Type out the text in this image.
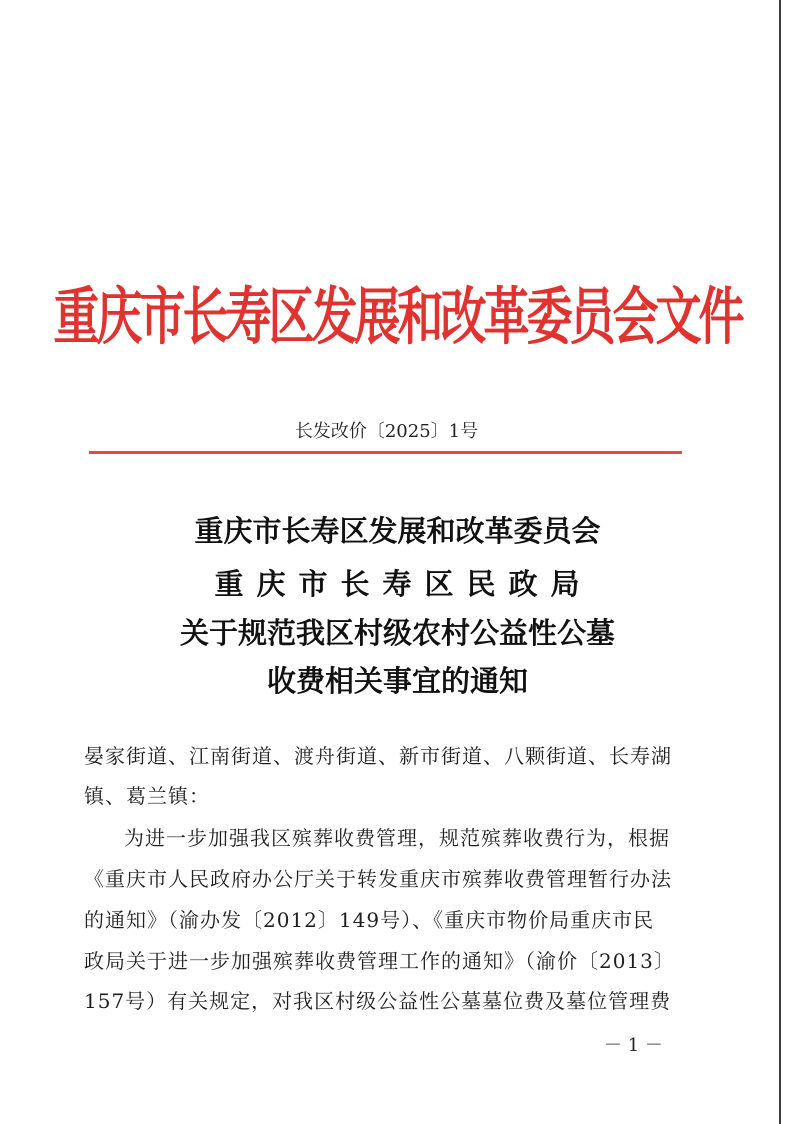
重庆市长寿区发展和改革委员会文件
长发改价〔2025〕1号
重庆市长寿区发展和改革委员会
重庆市长寿区民政局
关于规范我区村级农村公益性公墓
收费相关事宜的通知
晏家街道、江南街道、渡舟街道、新市街道、八颗街道、长寿湖
镇、葛兰镇：
为进一步加强我区殡葬收费管理，规范殡葬收费行为，根据
《重庆市人民政府办公厅关于转发重庆市殡葬收费管理暂行办法
的通知》（渝办发〔2012〕149号）、《重庆市物价局重庆市民
政局关于进一步加强殡葬收费管理工作的通知》（渝价〔2013〕
157号）有关规定，对我区村级公益性公墓墓位费及墓位管理费
－ 1 －
